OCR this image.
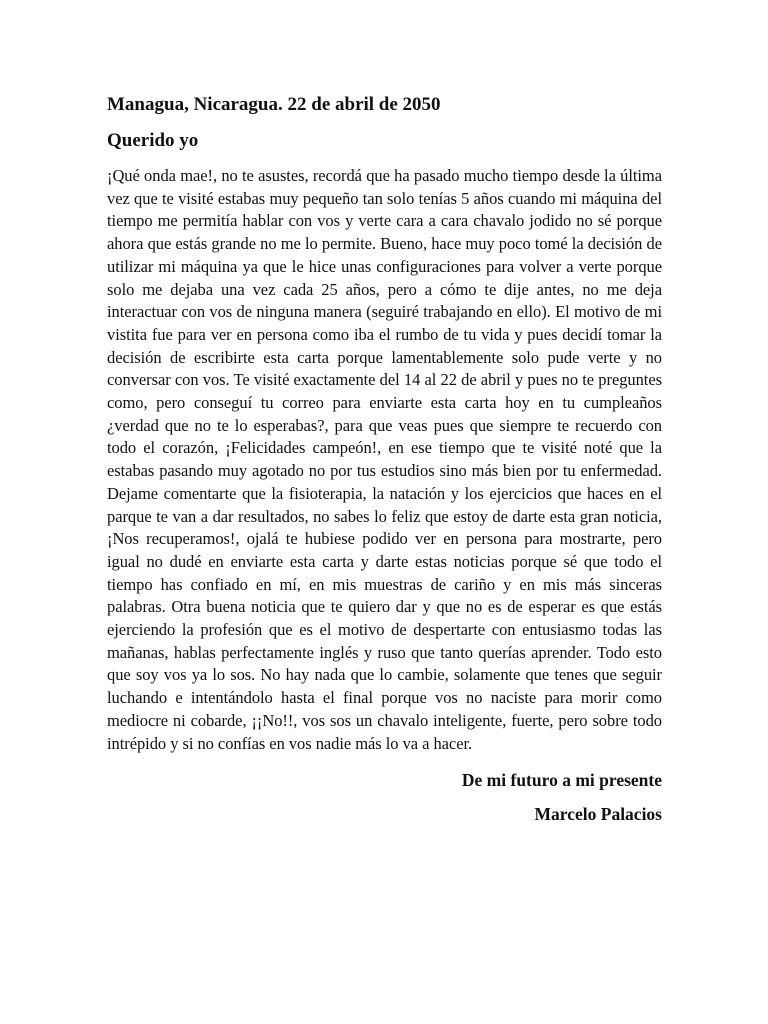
Managua, Nicaragua. 22 de abril de 2050

Querido yo

¡Qué onda mae!, no te asustes, recordá que ha pasado mucho tiempo desde la última vez que te visité estabas muy pequeño tan solo tenías 5 años cuando mi máquina del tiempo me permitía hablar con vos y verte cara a cara chavalo jodido no sé porque ahora que estás grande no me lo permite. Bueno, hace muy poco tomé la decisión de utilizar mi máquina ya que le hice unas configuraciones para volver a verte porque solo me dejaba una vez cada 25 años, pero a cómo te dije antes, no me deja interactuar con vos de ninguna manera (seguiré trabajando en ello). El motivo de mi vistita fue para ver en persona como iba el rumbo de tu vida y pues decidí tomar la decisión de escribirte esta carta porque lamentablemente solo pude verte y no conversar con vos. Te visité exactamente del 14 al 22 de abril y pues no te preguntes como, pero conseguí tu correo para enviarte esta carta hoy en tu cumpleaños ¿verdad que no te lo esperabas?, para que veas pues que siempre te recuerdo con todo el corazón, ¡Felicidades campeón!, en ese tiempo que te visité noté que la estabas pasando muy agotado no por tus estudios sino más bien por tu enfermedad. Dejame comentarte que la fisioterapia, la natación y los ejercicios que haces en el parque te van a dar resultados, no sabes lo feliz que estoy de darte esta gran noticia, ¡Nos recuperamos!, ojalá te hubiese podido ver en persona para mostrarte, pero igual no dudé en enviarte esta carta y darte estas noticias porque sé que todo el tiempo has confiado en mí, en mis muestras de cariño y en mis más sinceras palabras. Otra buena noticia que te quiero dar y que no es de esperar es que estás ejerciendo la profesión que es el motivo de despertarte con entusiasmo todas las mañanas, hablas perfectamente inglés y ruso que tanto querías aprender. Todo esto que soy vos ya lo sos. No hay nada que lo cambie, solamente que tenes que seguir luchando e intentándolo hasta el final porque vos no naciste para morir como mediocre ni cobarde, ¡¡No!!, vos sos un chavalo inteligente, fuerte, pero sobre todo intrépido y si no confías en vos nadie más lo va a hacer.

De mi futuro a mi presente

Marcelo Palacios
